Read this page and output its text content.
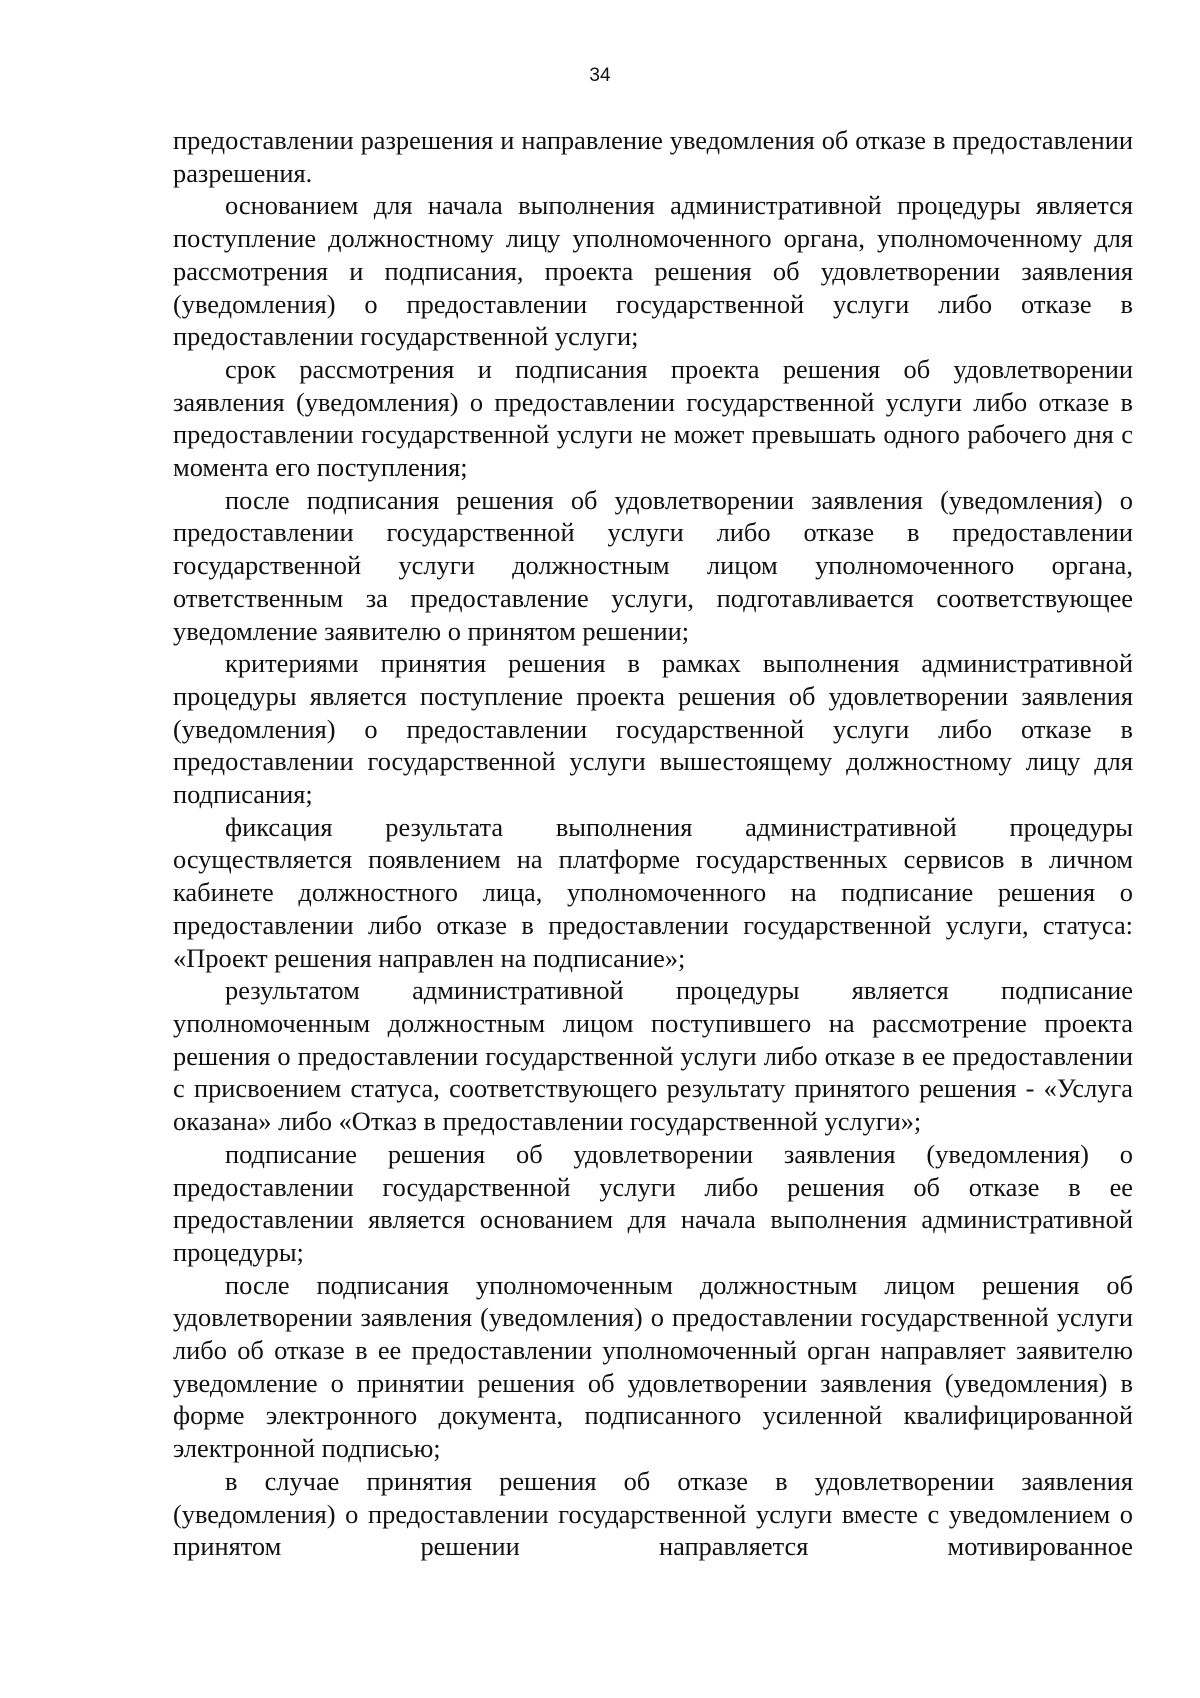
34

предоставлении разрешения и направление уведомления об отказе в предоставлении разрешения.

основанием для начала выполнения административной процедуры является поступление должностному лицу уполномоченного органа, уполномоченному для рассмотрения и подписания, проекта решения об удовлетворении заявления (уведомления) о предоставлении государственной услуги либо отказе в предоставлении государственной услуги;

срок рассмотрения и подписания проекта решения об удовлетворении заявления (уведомления) о предоставлении государственной услуги либо отказе в предоставлении государственной услуги не может превышать одного рабочего дня с момента его поступления;

после подписания решения об удовлетворении заявления (уведомления) о предоставлении государственной услуги либо отказе в предоставлении государственной услуги должностным лицом уполномоченного органа, ответственным за предоставление услуги, подготавливается соответствующее уведомление заявителю о принятом решении;

критериями принятия решения в рамках выполнения административной процедуры является поступление проекта решения об удовлетворении заявления (уведомления) о предоставлении государственной услуги либо отказе в предоставлении государственной услуги вышестоящему должностному лицу для подписания;

фиксация результата выполнения административной процедуры осуществляется появлением на платформе государственных сервисов в личном кабинете должностного лица, уполномоченного на подписание решения о предоставлении либо отказе в предоставлении государственной услуги, статуса: «Проект решения направлен на подписание»;

результатом административной процедуры является подписание уполномоченным должностным лицом поступившего на рассмотрение проекта решения о предоставлении государственной услуги либо отказе в ее предоставлении с присвоением статуса, соответствующего результату принятого решения - «Услуга оказана» либо «Отказ в предоставлении государственной услуги»;

подписание решения об удовлетворении заявления (уведомления) о предоставлении государственной услуги либо решения об отказе в ее предоставлении является основанием для начала выполнения административной процедуры;

после подписания уполномоченным должностным лицом решения об удовлетворении заявления (уведомления) о предоставлении государственной услуги либо об отказе в ее предоставлении уполномоченный орган направляет заявителю уведомление о принятии решения об удовлетворении заявления (уведомления) в форме электронного документа, подписанного усиленной квалифицированной электронной подписью;

в случае принятия решения об отказе в удовлетворении заявления (уведомления) о предоставлении государственной услуги вместе с уведомлением о принятом решении направляется мотивированное
